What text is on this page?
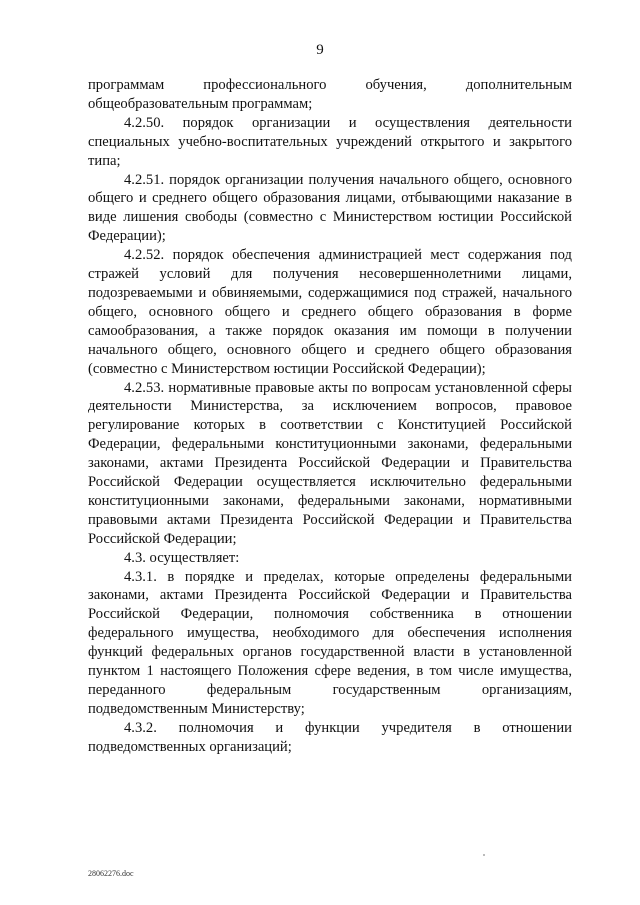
9

программам профессионального обучения, дополнительным общеобразовательным программам;

4.2.50. порядок организации и осуществления деятельности специальных учебно-воспитательных учреждений открытого и закрытого типа;

4.2.51. порядок организации получения начального общего, основного общего и среднего общего образования лицами, отбывающими наказание в виде лишения свободы (совместно с Министерством юстиции Российской Федерации);

4.2.52. порядок обеспечения администрацией мест содержания под стражей условий для получения несовершеннолетними лицами, подозреваемыми и обвиняемыми, содержащимися под стражей, начального общего, основного общего и среднего общего образования в форме самообразования, а также порядок оказания им помощи в получении начального общего, основного общего и среднего общего образования (совместно с Министерством юстиции Российской Федерации);

4.2.53. нормативные правовые акты по вопросам установленной сферы деятельности Министерства, за исключением вопросов, правовое регулирование которых в соответствии с Конституцией Российской Федерации, федеральными конституционными законами, федеральными законами, актами Президента Российской Федерации и Правительства Российской Федерации осуществляется исключительно федеральными конституционными законами, федеральными законами, нормативными правовыми актами Президента Российской Федерации и Правительства Российской Федерации;

4.3. осуществляет:

4.3.1. в порядке и пределах, которые определены федеральными законами, актами Президента Российской Федерации и Правительства Российской Федерации, полномочия собственника в отношении федерального имущества, необходимого для обеспечения исполнения функций федеральных органов государственной власти в установленной пунктом 1 настоящего Положения сфере ведения, в том числе имущества, переданного федеральным государственным организациям, подведомственным Министерству;

4.3.2. полномочия и функции учредителя в отношении подведомственных организаций;

28062276.doc
